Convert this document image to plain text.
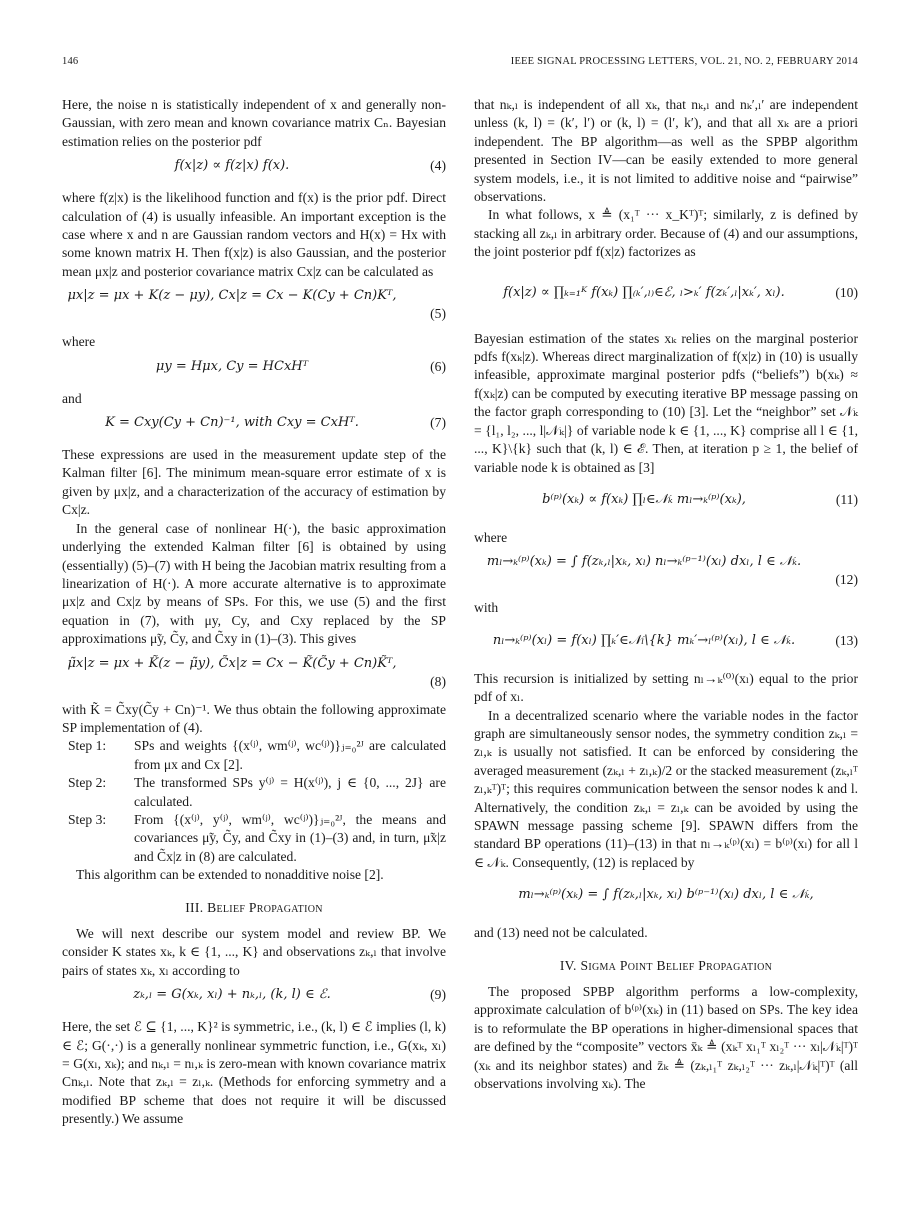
146	IEEE SIGNAL PROCESSING LETTERS, VOL. 21, NO. 2, FEBRUARY 2014

Here, the noise n is statistically independent of x and generally non-Gaussian, with zero mean and known covariance matrix Cₙ. Bayesian estimation relies on the posterior pdf

f(x|z) ∝ f(z|x) f(x).	(4)

where f(z|x) is the likelihood function and f(x) is the prior pdf. Direct calculation of (4) is usually infeasible. An important exception is the case where x and n are Gaussian random vectors and H(x) = Hx with some known matrix H. Then f(x|z) is also Gaussian, and the posterior mean μx|z and posterior covariance matrix Cx|z can be calculated as

μx|z = μx + K(z − μy), Cx|z = Cx − K(Cy + Cn)Kᵀ,
(5)

where

μy = Hμx, Cy = HCxHᵀ	(6)

and

K = Cxy(Cy + Cn)⁻¹, with Cxy = CxHᵀ.	(7)

These expressions are used in the measurement update step of the Kalman filter [6]. The minimum mean-square error estimate of x is given by μx|z, and a characterization of the accuracy of estimation by Cx|z.

In the general case of nonlinear H(·), the basic approximation underlying the extended Kalman filter [6] is obtained by using (essentially) (5)–(7) with H being the Jacobian matrix resulting from a linearization of H(·). A more accurate alternative is to approximate μx|z and Cx|z by means of SPs. For this, we use (5) and the first equation in (7), with μy, Cy, and Cxy replaced by the SP approximations μ̃y, C̃y, and C̃xy in (1)–(3). This gives

μ̃x|z = μx + K̃(z − μ̃y), C̃x|z = Cx − K̃(C̃y + Cn)K̃ᵀ,
(8)

with K̃ = C̃xy(C̃y + Cn)⁻¹. We thus obtain the following approximate SP implementation of (4).

Step 1:	SPs and weights {(x⁽ʲ⁾, wm⁽ʲ⁾, wc⁽ʲ⁾)}ⱼ₌₀²ᴶ are calculated from μx and Cx [2].
Step 2:	The transformed SPs y⁽ʲ⁾ = H(x⁽ʲ⁾), j ∈ {0, ..., 2J} are calculated.
Step 3:	From {(x⁽ʲ⁾, y⁽ʲ⁾, wm⁽ʲ⁾, wc⁽ʲ⁾)}ⱼ₌₀²ᴶ, the means and covariances μ̃y, C̃y, and C̃xy in (1)–(3) and, in turn, μ̃x|z and C̃x|z in (8) are calculated.

This algorithm can be extended to nonadditive noise [2].

III. Belief Propagation

We will next describe our system model and review BP. We consider K states xₖ, k ∈ {1, ..., K} and observations zₖ,ₗ that involve pairs of states xₖ, xₗ according to

zₖ,ₗ = G(xₖ, xₗ) + nₖ,ₗ, (k, l) ∈ ℰ.	(9)

Here, the set ℰ ⊆ {1, ..., K}² is symmetric, i.e., (k, l) ∈ ℰ implies (l, k) ∈ ℰ; G(·,·) is a generally nonlinear symmetric function, i.e., G(xₖ, xₗ) = G(xₗ, xₖ); and nₖ,ₗ = nₗ,ₖ is zero-mean with known covariance matrix Cnₖ,ₗ. Note that zₖ,ₗ = zₗ,ₖ. (Methods for enforcing symmetry and a modified BP scheme that does not require it will be discussed presently.) We assume

that nₖ,ₗ is independent of all xₖ, that nₖ,ₗ and nₖ′,ₗ′ are independent unless (k, l) = (k′, l′) or (k, l) = (l′, k′), and that all xₖ are a priori independent. The BP algorithm—as well as the SPBP algorithm presented in Section IV—can be easily extended to more general system models, i.e., it is not limited to additive noise and “pairwise” observations.

In what follows, x ≜ (x₁ᵀ ··· x_Kᵀ)ᵀ; similarly, z is defined by stacking all zₖ,ₗ in arbitrary order. Because of (4) and our assumptions, the joint posterior pdf f(x|z) factorizes as

f(x|z) ∝ ∏ₖ₌₁ᴷ f(xₖ) ∏₍ₖ′,ₗ₎∈ℰ, ₗ>ₖ′ f(zₖ′,ₗ|xₖ′, xₗ).	(10)

Bayesian estimation of the states xₖ relies on the marginal posterior pdfs f(xₖ|z). Whereas direct marginalization of f(x|z) in (10) is usually infeasible, approximate marginal posterior pdfs (“beliefs”) b(xₖ) ≈ f(xₖ|z) can be computed by executing iterative BP message passing on the factor graph corresponding to (10) [3]. Let the “neighbor” set 𝒩ₖ = {l₁, l₂, ..., l|𝒩ₖ|} of variable node k ∈ {1, ..., K} comprise all l ∈ {1, ..., K}\{k} such that (k, l) ∈ ℰ. Then, at iteration p ≥ 1, the belief of variable node k is obtained as [3]

b⁽ᵖ⁾(xₖ) ∝ f(xₖ) ∏ₗ∈𝒩ₖ mₗ→ₖ⁽ᵖ⁾(xₖ),	(11)

where

mₗ→ₖ⁽ᵖ⁾(xₖ) = ∫ f(zₖ,ₗ|xₖ, xₗ) nₗ→ₖ⁽ᵖ⁻¹⁾(xₗ) dxₗ, l ∈ 𝒩ₖ.
(12)

with

nₗ→ₖ⁽ᵖ⁾(xₗ) = f(xₗ) ∏ₖ′∈𝒩ₗ\{k} mₖ′→ₗ⁽ᵖ⁾(xₗ), l ∈ 𝒩ₖ.	(13)

This recursion is initialized by setting nₗ→ₖ⁽⁰⁾(xₗ) equal to the prior pdf of xₗ.

In a decentralized scenario where the variable nodes in the factor graph are simultaneously sensor nodes, the symmetry condition zₖ,ₗ = zₗ,ₖ is usually not satisfied. It can be enforced by considering the averaged measurement (zₖ,ₗ + zₗ,ₖ)/2 or the stacked measurement (zₖ,ₗᵀ zₗ,ₖᵀ)ᵀ; this requires communication between the sensor nodes k and l. Alternatively, the condition zₖ,ₗ = zₗ,ₖ can be avoided by using the SPAWN message passing scheme [9]. SPAWN differs from the standard BP operations (11)–(13) in that nₗ→ₖ⁽ᵖ⁾(xₗ) = b⁽ᵖ⁾(xₗ) for all l ∈ 𝒩ₖ. Consequently, (12) is replaced by

mₗ→ₖ⁽ᵖ⁾(xₖ) = ∫ f(zₖ,ₗ|xₖ, xₗ) b⁽ᵖ⁻¹⁾(xₗ) dxₗ, l ∈ 𝒩ₖ,

and (13) need not be calculated.

IV. Sigma Point Belief Propagation

The proposed SPBP algorithm performs a low-complexity, approximate calculation of b⁽ᵖ⁾(xₖ) in (11) based on SPs. The key idea is to reformulate the BP operations in higher-dimensional spaces that are defined by the “composite” vectors x̄ₖ ≜ (xₖᵀ xₗ₁ᵀ xₗ₂ᵀ ··· xₗ|𝒩ₖ|ᵀ)ᵀ (xₖ and its neighbor states) and z̄ₖ ≜ (zₖ,ₗ₁ᵀ zₖ,ₗ₂ᵀ ··· zₖ,ₗ|𝒩ₖ|ᵀ)ᵀ (all observations involving xₖ). The
